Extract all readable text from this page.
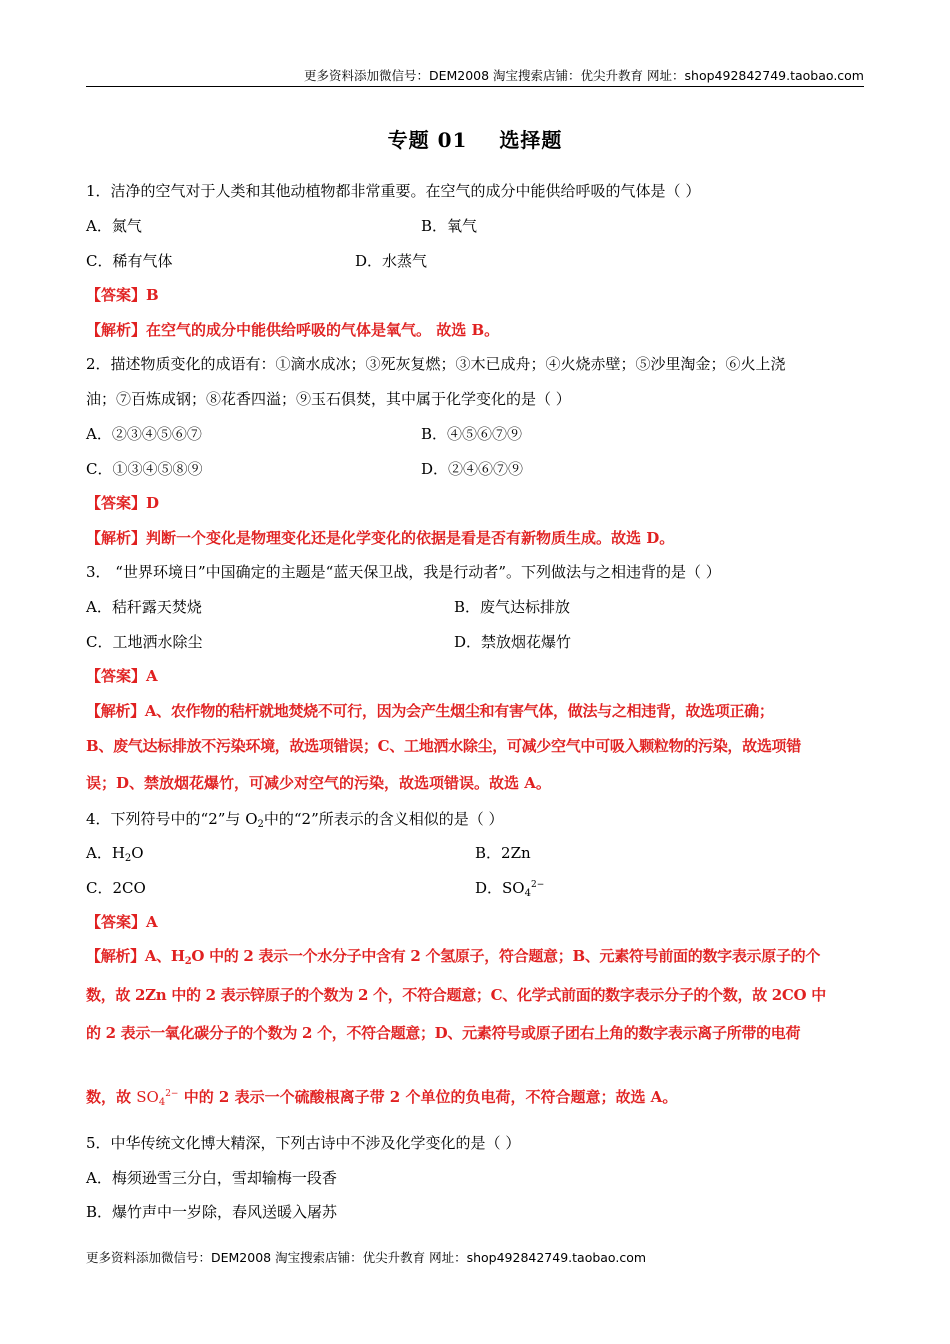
更多资料添加微信号：DEM2008 淘宝搜索店铺：优尖升教育 网址：shop492842749.taobao.com
专题 01    选择题
1．洁净的空气对于人类和其他动植物都非常重要。在空气的成分中能供给呼吸的气体是（ ）
A．氮气	B．氧气
C．稀有气体	D．水蒸气
【答案】B
【解析】在空气的成分中能供给呼吸的气体是氧气。 故选 B。
2．描述物质变化的成语有：①滴水成冰；③死灰复燃；③木已成舟；④火烧赤壁；⑤沙里淘金；⑥火上浇
油；⑦百炼成钢；⑧花香四溢；⑨玉石俱焚，其中属于化学变化的是（ ）
A．②③④⑤⑥⑦	B．④⑤⑥⑦⑨
C．①③④⑤⑧⑨	D．②④⑥⑦⑨
【答案】D
【解析】判断一个变化是物理变化还是化学变化的依据是看是否有新物质生成。故选 D。
3． “世界环境日”中国确定的主题是“蓝天保卫战，我是行动者”。下列做法与之相违背的是（ ）
A．秸秆露天焚烧	B．废气达标排放
C．工地洒水除尘	D．禁放烟花爆竹
【答案】A
【解析】A、农作物的秸杆就地焚烧不可行，因为会产生烟尘和有害气体，做法与之相违背，故选项正确；
B、废气达标排放不污染环境，故选项错误；C、工地洒水除尘，可减少空气中可吸入颗粒物的污染，故选项错
误；D、禁放烟花爆竹，可减少对空气的污染，故选项错误。故选 A。
4．下列符号中的“2”与 $O_2$中的“2”所表示的含义相似的是（ ）
A．$H_2O$	B．2Zn
C．2CO	D．$SO_4^{2-}$
【答案】A
【解析】A、$H_2O$ 中的 2 表示一个水分子中含有 2 个氢原子，符合题意；B、元素符号前面的数字表示原子的个
数，故 2Zn 中的 2 表示锌原子的个数为 2 个，不符合题意；C、化学式前面的数字表示分子的个数，故 2CO 中
的 2 表示一氧化碳分子的个数为 2 个，不符合题意；D、元素符号或原子团右上角的数字表示离子所带的电荷
数，故 $SO_4^{2-}$ 中的 2 表示一个硫酸根离子带 2 个单位的负电荷，不符合题意；故选 A。
5．中华传统文化博大精深，下列古诗中不涉及化学变化的是（ ）
A．梅须逊雪三分白，雪却输梅一段香
B．爆竹声中一岁除，春风送暖入屠苏
更多资料添加微信号：DEM2008 淘宝搜索店铺：优尖升教育 网址：shop492842749.taobao.com
